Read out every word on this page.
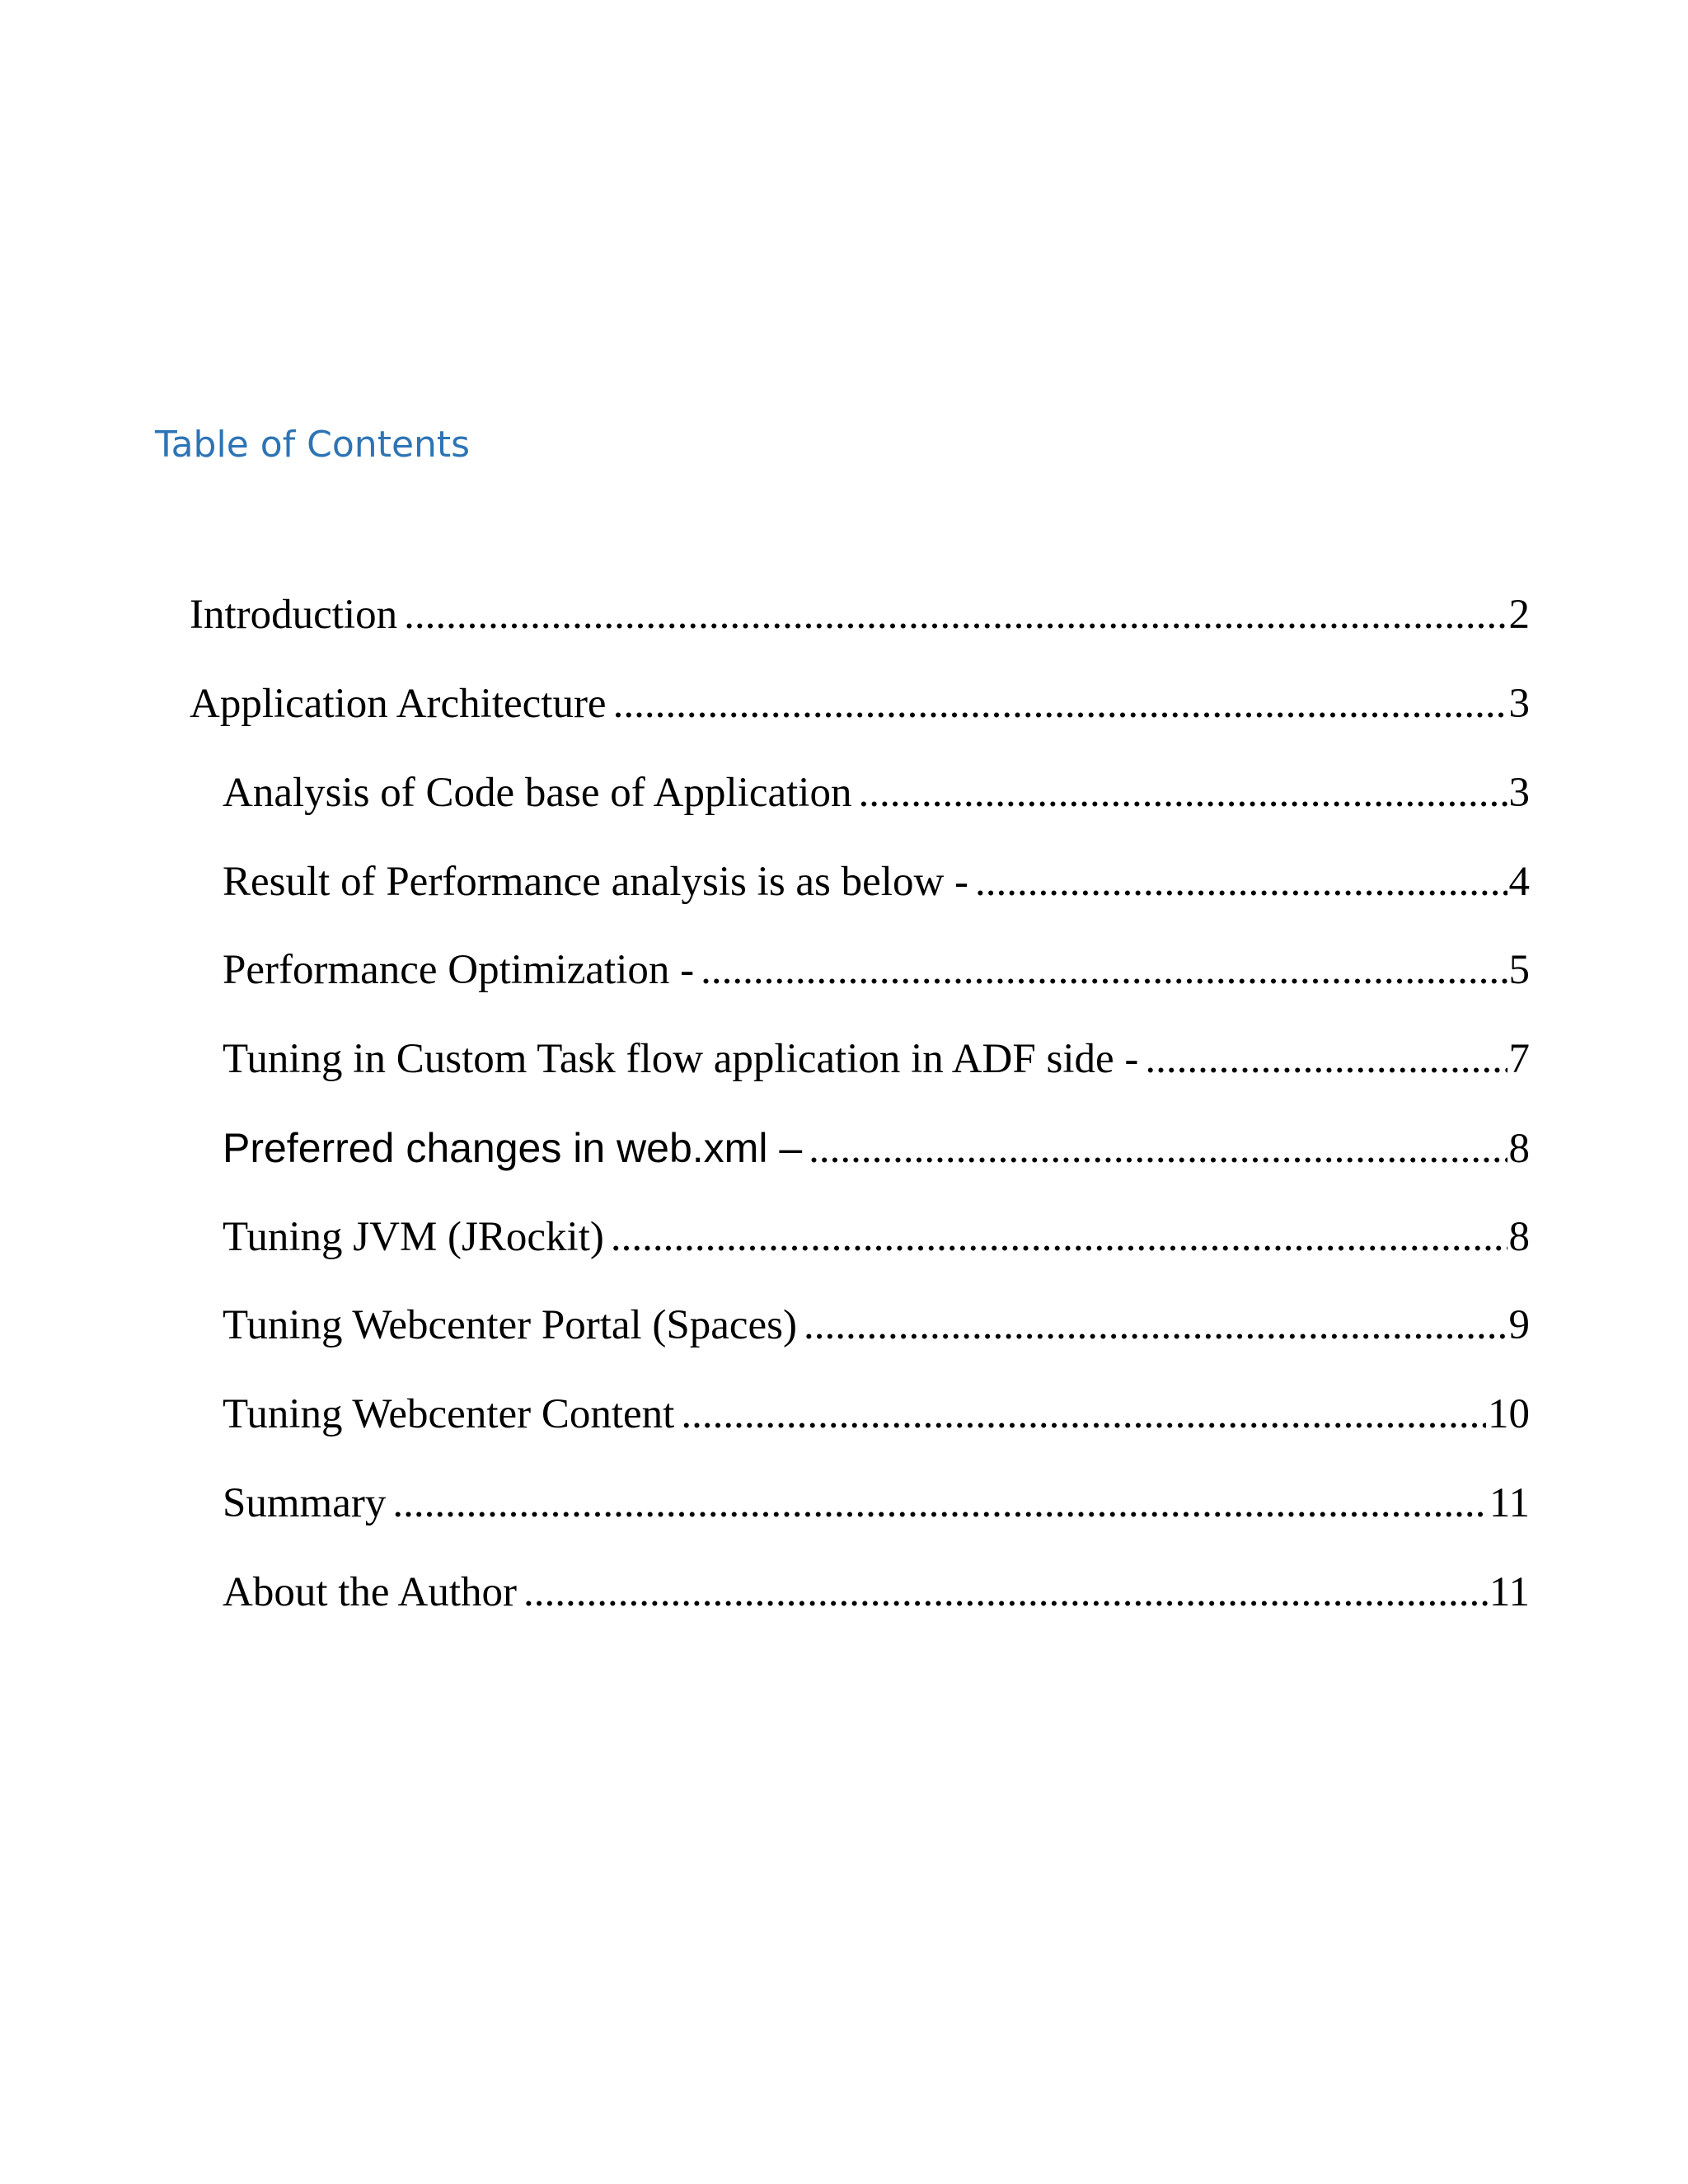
Table of Contents
Introduction .....	2
Application Architecture .....	3
Analysis of Code base of Application .....	3
Result of Performance analysis is as below - .....	4
Performance Optimization - .....	5
Tuning in Custom Task flow application in ADF side - .....	7
Preferred changes in web.xml – .....	8
Tuning JVM (JRockit) .....	8
Tuning Webcenter Portal (Spaces) .....	9
Tuning Webcenter Content .....	10
Summary .....	11
About the Author .....	11
